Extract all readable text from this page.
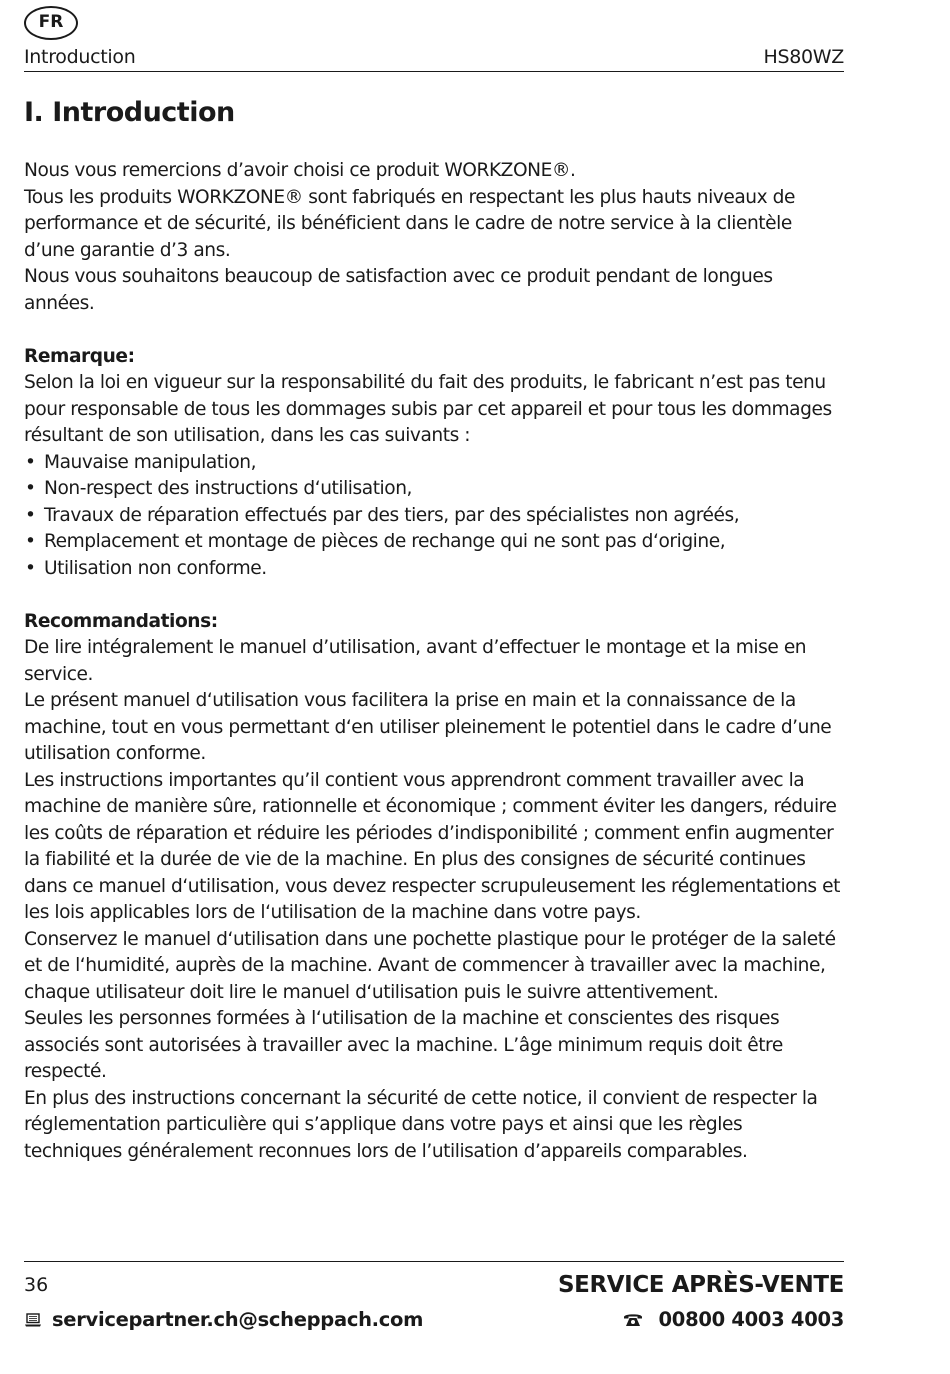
FR
Introduction	HS80WZ
I. Introduction

Nous vous remercions d’avoir choisi ce produit WORKZONE®.

Tous les produits WORKZONE® sont fabriqués en respectant les plus hauts niveaux de performance et de sécurité, ils bénéficient dans le cadre de notre service à la clientèle d’une garantie d’3 ans.

Nous vous souhaitons beaucoup de satisfaction avec ce produit pendant de longues années.

Remarque:

Selon la loi en vigueur sur la responsabilité du fait des produits, le fabricant n’est pas tenu pour responsable de tous les dommages subis par cet appareil et pour tous les dommages résultant de son utilisation, dans les cas suivants :

• Mauvaise manipulation,
• Non-respect des instructions d‘utilisation,
• Travaux de réparation effectués par des tiers, par des spécialistes non agréés,
• Remplacement et montage de pièces de rechange qui ne sont pas d‘origine,
• Utilisation non conforme.

Recommandations:

De lire intégralement le manuel d’utilisation, avant d’effectuer le montage et la mise en service.

Le présent manuel d‘utilisation vous facilitera la prise en main et la connaissance de la machine, tout en vous permettant d‘en utiliser pleinement le potentiel dans le cadre d’une utilisation conforme.

Les instructions importantes qu’il contient vous apprendront comment travailler avec la machine de manière sûre, rationnelle et économique ; comment éviter les dangers, réduire les coûts de réparation et réduire les périodes d’indisponibilité ; comment enfin augmenter la fiabilité et la durée de vie de la machine. En plus des consignes de sécurité continues dans ce manuel d‘utilisation, vous devez respecter scrupuleusement les réglementations et les lois applicables lors de l‘utilisation de la machine dans votre pays.

Conservez le manuel d‘utilisation dans une pochette plastique pour le protéger de la saleté et de l‘humidité, auprès de la machine. Avant de commencer à travailler avec la machine, chaque utilisateur doit lire le manuel d‘utilisation puis le suivre attentivement.

Seules les personnes formées à l‘utilisation de la machine et conscientes des risques associés sont autorisées à travailler avec la machine. L’âge minimum requis doit être respecté.

En plus des instructions concernant la sécurité de cette notice, il convient de respecter la réglementation particulière qui s’applique dans votre pays et ainsi que les règles techniques généralement reconnues lors de l’utilisation d’appareils comparables.

36	SERVICE APRÈS-VENTE
servicepartner.ch@scheppach.com	00800 4003 4003
